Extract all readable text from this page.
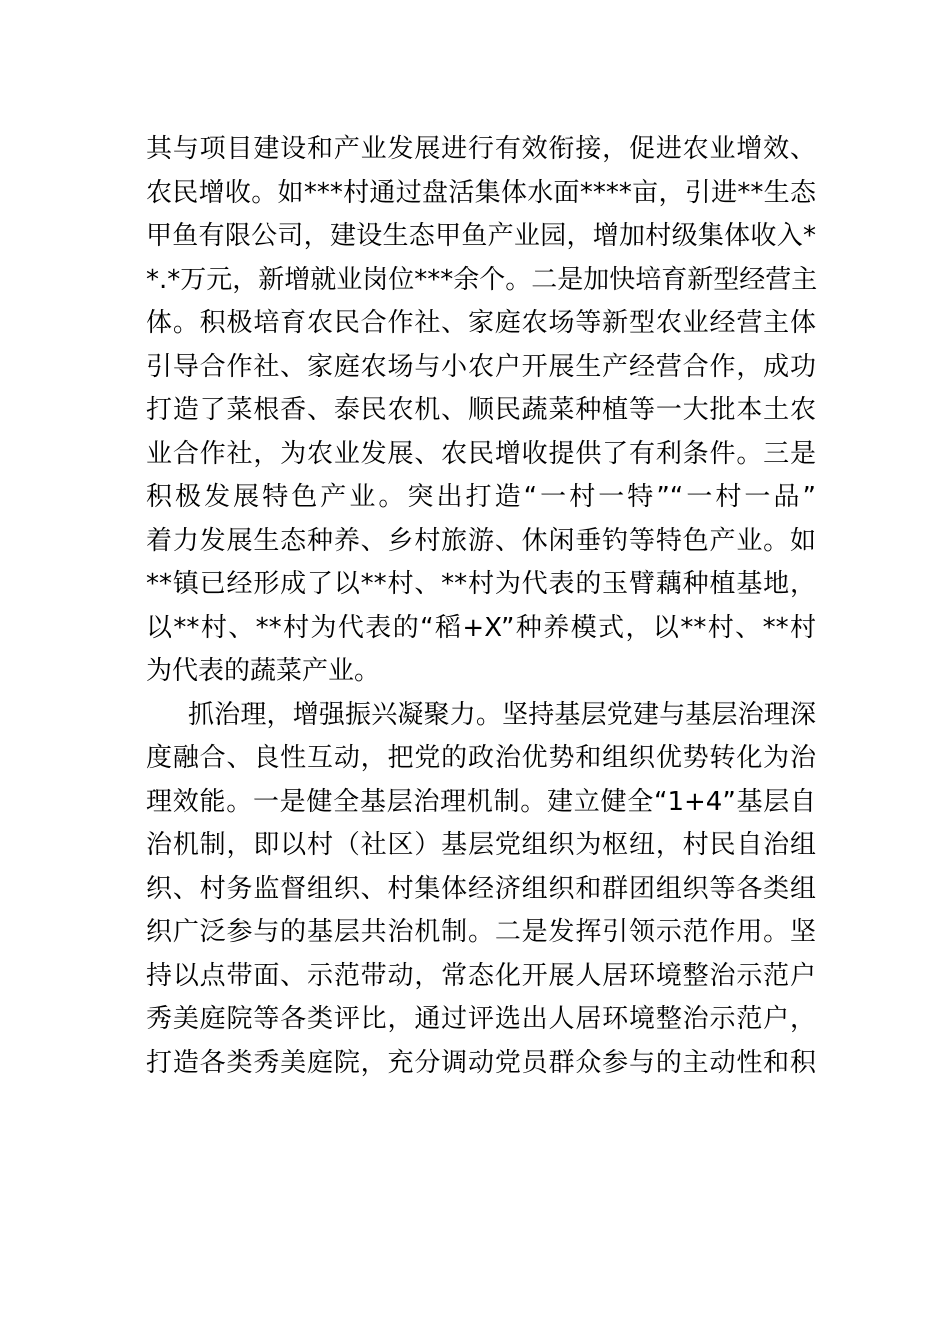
其与项目建设和产业发展进行有效衔接，促进农业增效、
农民增收。如***村通过盘活集体水面****亩，引进**生态
甲鱼有限公司，建设生态甲鱼产业园，增加村级集体收入*
*.*万元，新增就业岗位***余个。二是加快培育新型经营主
体。积极培育农民合作社、家庭农场等新型农业经营主体
引导合作社、家庭农场与小农户开展生产经营合作，成功
打造了菜根香、泰民农机、顺民蔬菜种植等一大批本土农
业合作社，为农业发展、农民增收提供了有利条件。三是
积极发展特色产业。突出打造“一村一特”“一村一品”
着力发展生态种养、乡村旅游、休闲垂钓等特色产业。如
**镇已经形成了以**村、**村为代表的玉臂藕种植基地，
以**村、**村为代表的“稻+X”种养模式，以**村、**村
为代表的蔬菜产业。
抓治理，增强振兴凝聚力。坚持基层党建与基层治理深
度融合、良性互动，把党的政治优势和组织优势转化为治
理效能。一是健全基层治理机制。建立健全“1+4”基层自
治机制，即以村（社区）基层党组织为枢纽，村民自治组
织、村务监督组织、村集体经济组织和群团组织等各类组
织广泛参与的基层共治机制。二是发挥引领示范作用。坚
持以点带面、示范带动，常态化开展人居环境整治示范户
秀美庭院等各类评比，通过评选出人居环境整治示范户，
打造各类秀美庭院，充分调动党员群众参与的主动性和积
